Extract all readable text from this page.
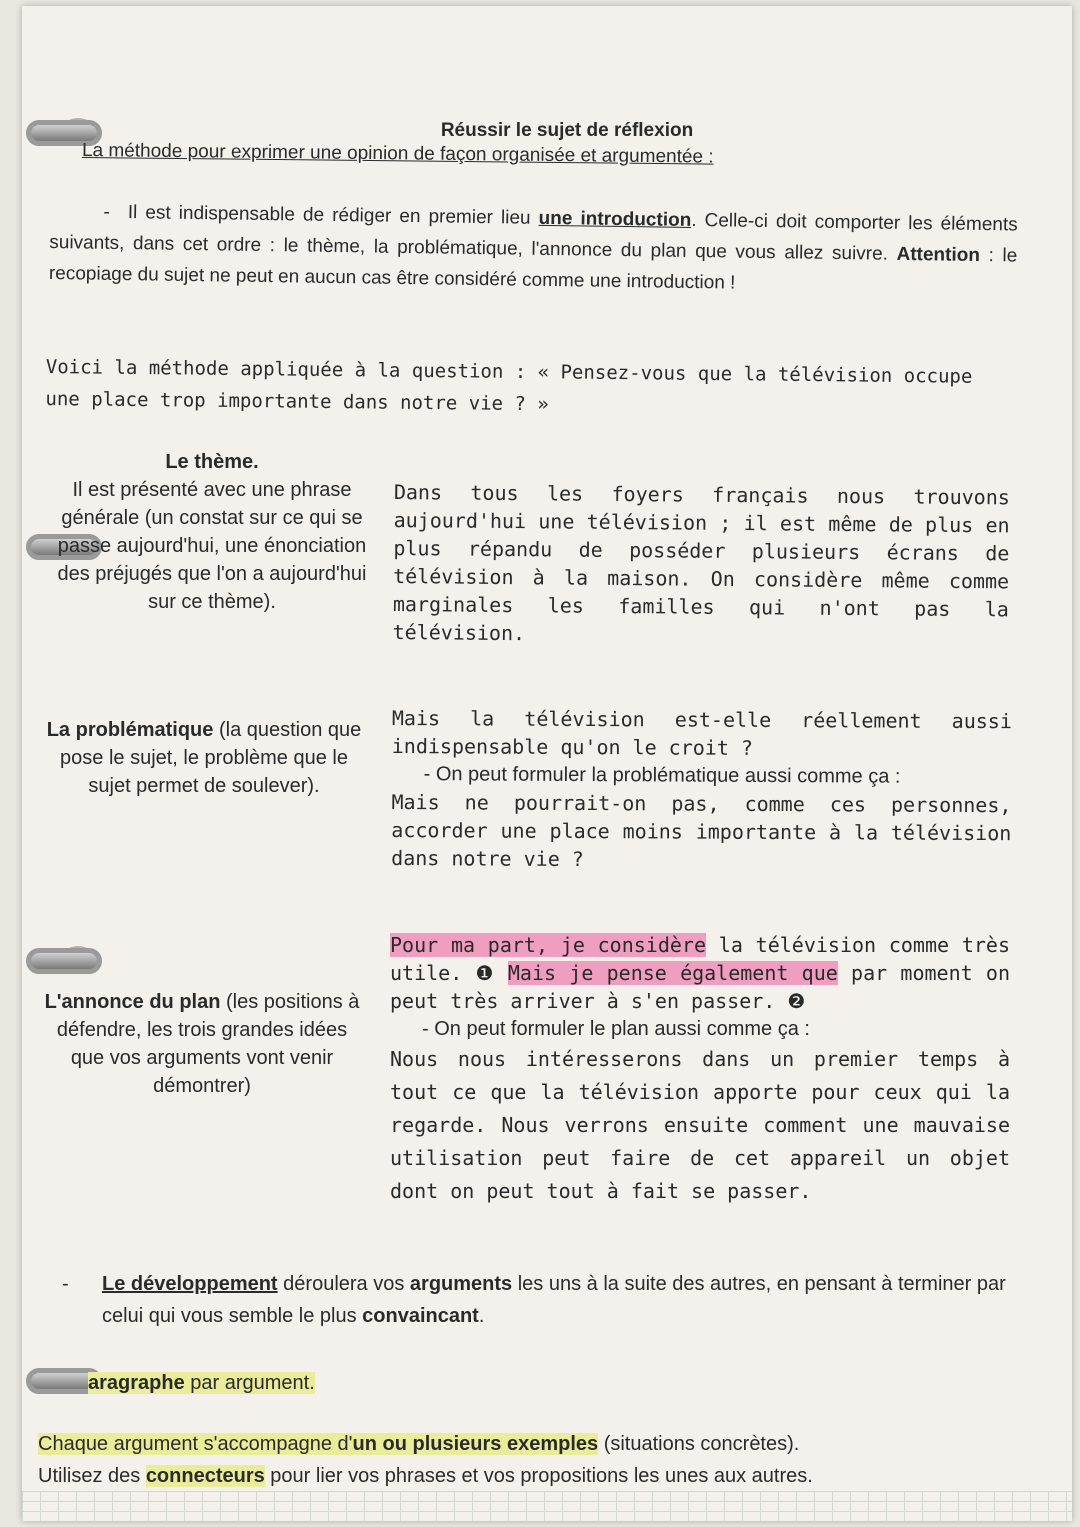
Réussir le sujet de réflexion
La méthode pour exprimer une opinion de façon organisée et argumentée :
- Il est indispensable de rédiger en premier lieu une introduction. Celle-ci doit comporter les éléments suivants, dans cet ordre : le thème, la problématique, l'annonce du plan que vous allez suivre. Attention : le recopiage du sujet ne peut en aucun cas être considéré comme une introduction !
Voici la méthode appliquée à la question : « Pensez-vous que la télévision occupe une place trop importante dans notre vie ? »
Le thème.
Il est présenté avec une phrase générale (un constat sur ce qui se passe aujourd'hui, une énonciation des préjugés que l'on a aujourd'hui sur ce thème).
Dans tous les foyers français nous trouvons aujourd'hui une télévision ; il est même de plus en plus répandu de posséder plusieurs écrans de télévision à la maison. On considère même comme marginales les familles qui n'ont pas la télévision.
La problématique (la question que pose le sujet, le problème que le sujet permet de soulever).
Mais la télévision est-elle réellement aussi indispensable qu'on le croit ?
- On peut formuler la problématique aussi comme ça :
Mais ne pourrait-on pas, comme ces personnes, accorder une place moins importante à la télévision dans notre vie ?
L'annonce du plan (les positions à défendre, les trois grandes idées que vos arguments vont venir démontrer)
Pour ma part, je considère la télévision comme très utile. ❶ Mais je pense également que par moment on peut très arriver à s'en passer. ❷
- On peut formuler le plan aussi comme ça :
Nous nous intéresserons dans un premier temps à tout ce que la télévision apporte pour ceux qui la regarde. Nous verrons ensuite comment une mauvaise utilisation peut faire de cet appareil un objet dont on peut tout à fait se passer.
-	Le développement déroulera vos arguments les uns à la suite des autres, en pensant à terminer par celui qui vous semble le plus convaincant.
aragraphe par argument.
Chaque argument s'accompagne d'un ou plusieurs exemples (situations concrètes).
Utilisez des connecteurs pour lier vos phrases et vos propositions les unes aux autres.
